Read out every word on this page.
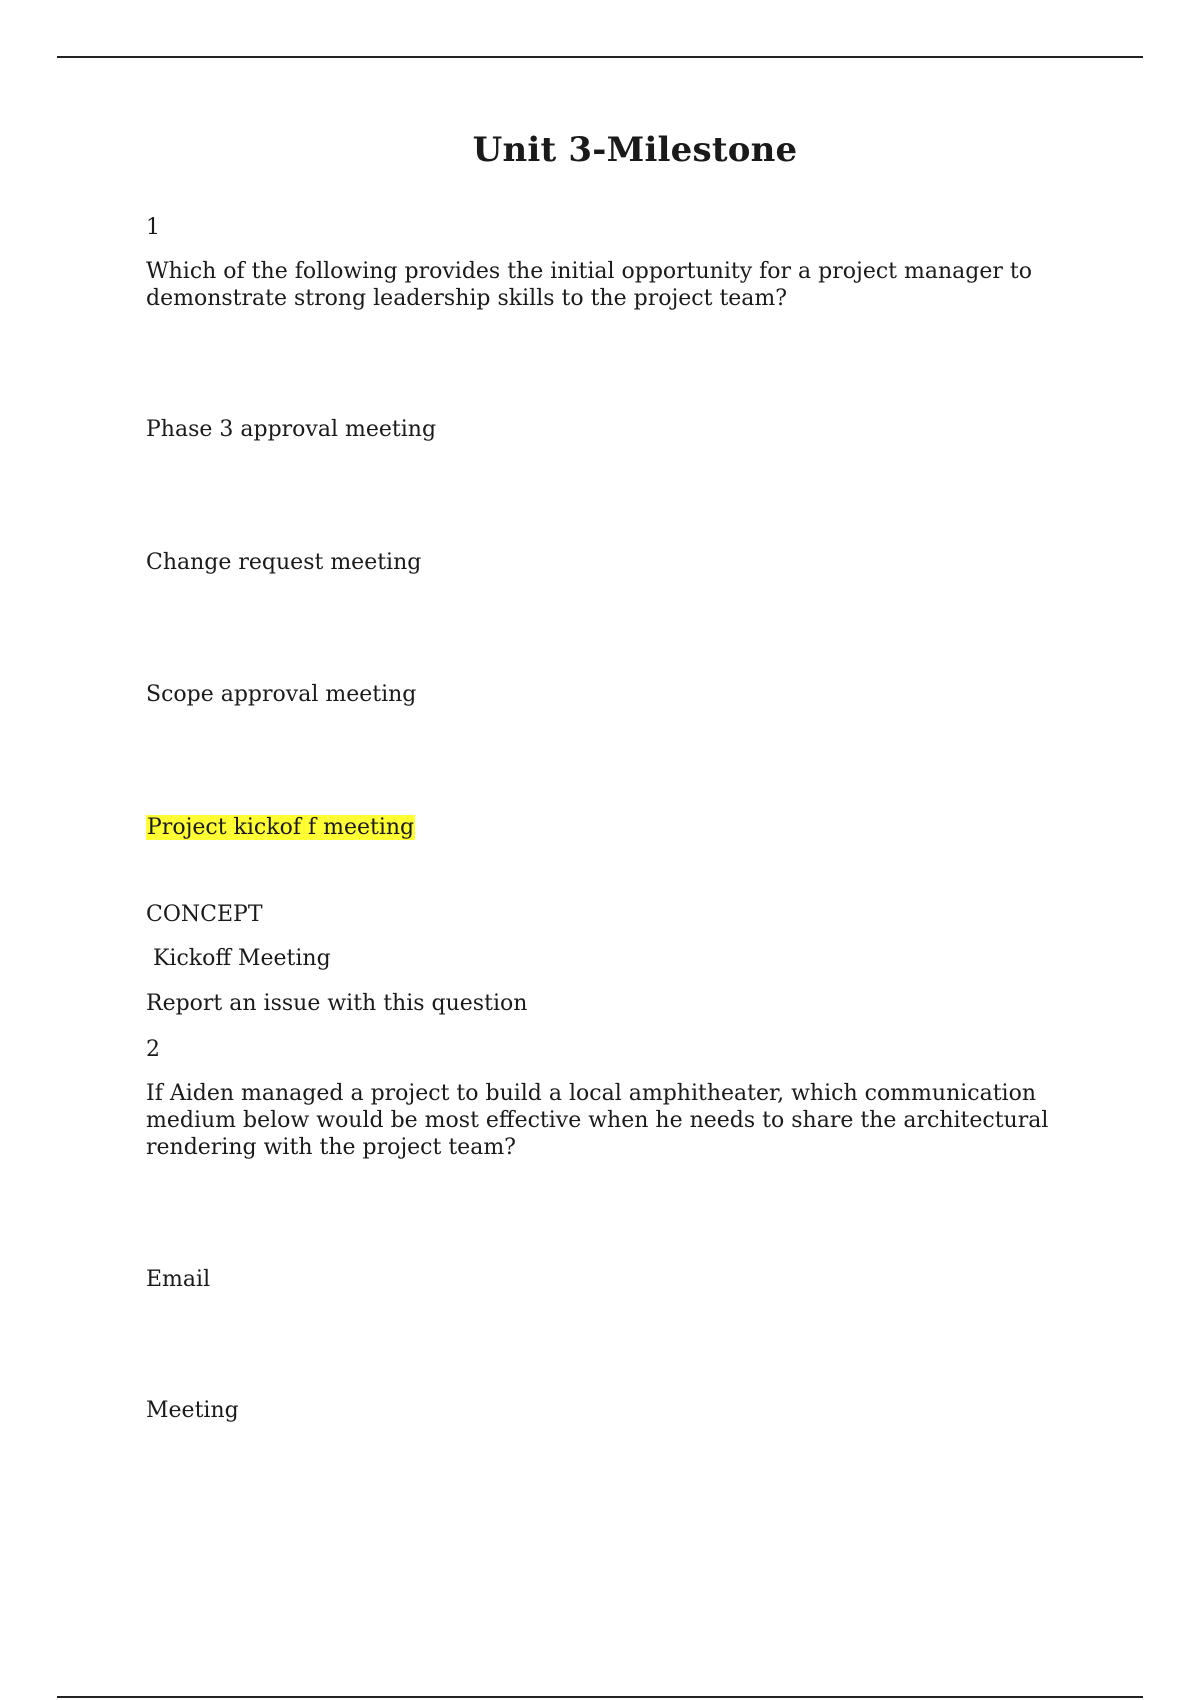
Unit 3-Milestone
1
Which of the following provides the initial opportunity for a project manager to demonstrate strong leadership skills to the project team?
Phase 3 approval meeting
Change request meeting
Scope approval meeting
Project kickof f meeting
CONCEPT
Kickoff Meeting
Report an issue with this question
2
If Aiden managed a project to build a local amphitheater, which communication medium below would be most effective when he needs to share the architectural rendering with the project team?
Email
Meeting
